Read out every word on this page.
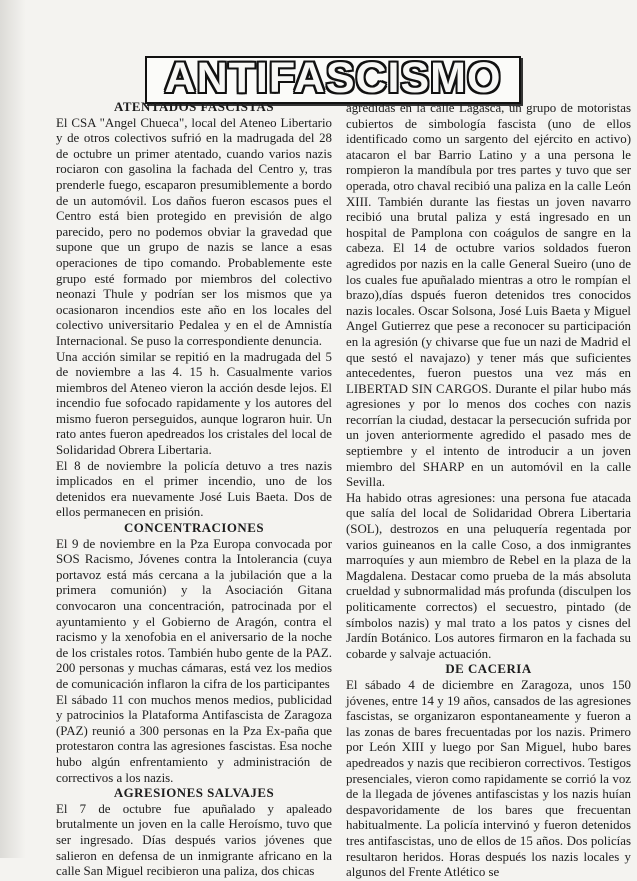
ANTIFASCISMO
ATENTADOS FASCISTAS

El CSA "Angel Chueca", local del Ateneo Libertario y de otros colectivos sufrió en la madrugada del 28 de octubre un primer atentado, cuando varios nazis rociaron con gasolina la fachada del Centro y, tras prenderle fuego, escaparon presumiblemente a bordo de un automóvil. Los daños fueron escasos pues el Centro está bien protegido en previsión de algo parecido, pero no podemos obviar la gravedad que supone que un grupo de nazis se lance a esas operaciones de tipo comando. Probablemente este grupo esté formado por miembros del colectivo neonazi Thule y podrían ser los mismos que ya ocasionaron incendios este año en los locales del colectivo universitario Pedalea y en el de Amnistía Internacional. Se puso la correspondiente denuncia.

Una acción similar se repitió en la madrugada del 5 de noviembre a las 4. 15 h. Casualmente varios miembros del Ateneo vieron la acción desde lejos. El incendio fue sofocado rapidamente y los autores del mismo fueron perseguidos, aunque lograron huir. Un rato antes fueron apedreados los cristales del local de Solidaridad Obrera Libertaria.

El 8 de noviembre la policía detuvo a tres nazis implicados en el primer incendio, uno de los detenidos era nuevamente José Luis Baeta. Dos de ellos permanecen en prisión.

CONCENTRACIONES

El 9 de noviembre en la Pza Europa convocada por SOS Racismo, Jóvenes contra la Intolerancia (cuya portavoz está más cercana a la jubilación que a la primera comunión) y la Asociación Gitana convocaron una concentración, patrocinada por el ayuntamiento y el Gobierno de Aragón, contra el racismo y la xenofobia en el aniversario de la noche de los cristales rotos. También hubo gente de la PAZ. 200 personas y muchas cámaras, está vez los medios de comunicación inflaron la cifra de los participantes

El sábado 11 con muchos menos medios, publicidad y patrocinios la Plataforma Antifascista de Zaragoza (PAZ) reunió a 300 personas en la Pza Ex-paña que protestaron contra las agresiones fascistas. Esa noche hubo algún enfrentamiento y administración de correctivos a los nazis.

AGRESIONES SALVAJES

El 7 de octubre fue apuñalado y apaleado brutalmente un joven en la calle Heroísmo, tuvo que ser ingresado. Días después varios jóvenes que salieron en defensa de un inmigrante africano en la calle San Miguel recibieron una paliza, dos chicas

agredidas en la calle Lagasca, un grupo de motoristas cubiertos de simbología fascista (uno de ellos identificado como un sargento del ejército en activo) atacaron el bar Barrio Latino y a una persona le rompieron la mandíbula por tres partes y tuvo que ser operada, otro chaval recibió una paliza en la calle León XIII. También durante las fiestas un joven navarro recibió una brutal paliza y está ingresado en un hospital de Pamplona con coágulos de sangre en la cabeza. El 14 de octubre varios soldados fueron agredidos por nazis en la calle General Sueiro (uno de los cuales fue apuñalado mientras a otro le rompían el brazo),días dspués fueron detenidos tres conocidos nazis locales. Oscar Solsona, José Luis Baeta y Miguel Angel Gutierrez que pese a reconocer su participación en la agresión (y chivarse que fue un nazi de Madrid el que sestó el navajazo) y tener más que suficientes antecedentes, fueron puestos una vez más en LIBERTAD SIN CARGOS. Durante el pilar hubo más agresiones y por lo menos dos coches con nazis recorrían la ciudad, destacar la persecución sufrida por un joven anteriormente agredido el pasado mes de septiembre y el intento de introducir a un joven miembro del SHARP en un automóvil en la calle Sevilla.

Ha habido otras agresiones: una persona fue atacada que salía del local de Solidaridad Obrera Libertaria (SOL), destrozos en una peluquería regentada por varios guineanos en la calle Coso, a dos inmigrantes marroquíes y aun miembro de Rebel en la plaza de la Magdalena. Destacar como prueba de la más absoluta crueldad y subnormalidad más profunda (disculpen los politicamente correctos) el secuestro, pintado (de símbolos nazis) y mal trato a los patos y cisnes del Jardín Botánico. Los autores firmaron en la fachada su cobarde y salvaje actuación.

DE CACERIA

El sábado 4 de diciembre en Zaragoza, unos 150 jóvenes, entre 14 y 19 años, cansados de las agresiones fascistas, se organizaron espontaneamente y fueron a las zonas de bares frecuentadas por los nazis. Primero por León XIII y luego por San Miguel, hubo bares apedreados y nazis que recibieron correctivos. Testigos presenciales, vieron como rapidamente se corrió la voz de la llegada de jóvenes antifascistas y los nazis huían despavoridamente de los bares que frecuentan habitualmente. La policía intervinó y fueron detenidos tres antifascistas, uno de ellos de 15 años. Dos policías resultaron heridos. Horas después los nazis locales y algunos del Frente Atlético se
